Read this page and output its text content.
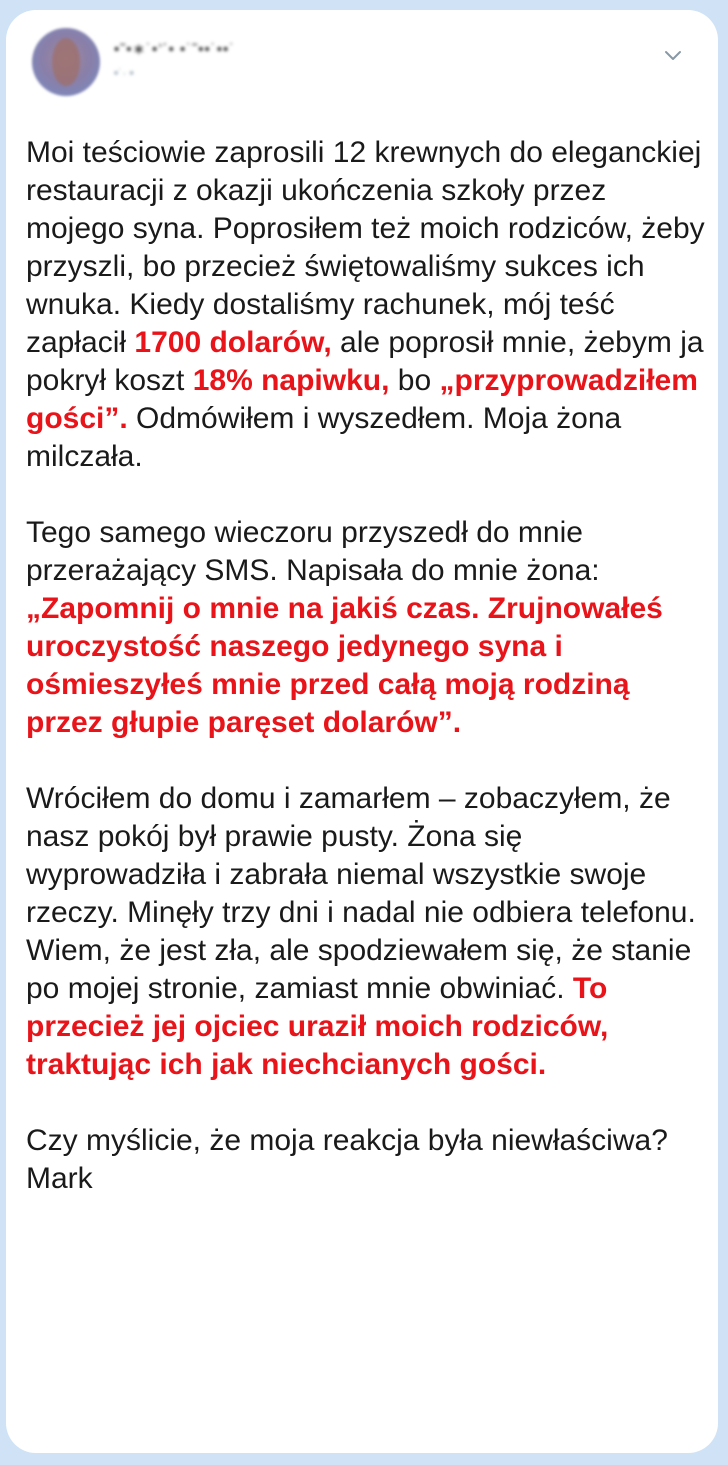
•˜•∗˙•’´• •˙˜••˙••˙
•˙· •

Moi teściowie zaprosili 12 krewnych do eleganckiej restauracji z okazji ukończenia szkoły przez mojego syna. Poprosiłem też moich rodziców, żeby przyszli, bo przecież świętowaliśmy sukces ich wnuka. Kiedy dostaliśmy rachunek, mój teść zapłacił 1700 dolarów, ale poprosił mnie, żebym ja pokrył koszt 18% napiwku, bo „przyprowadziłem gości”. Odmówiłem i wyszedłem. Moja żona milczała.

Tego samego wieczoru przyszedł do mnie przerażający SMS. Napisała do mnie żona: „Zapomnij o mnie na jakiś czas. Zrujnowałeś uroczystość naszego jedynego syna i ośmieszyłeś mnie przed całą moją rodziną przez głupie paręset dolarów”.

Wróciłem do domu i zamarłem – zobaczyłem, że nasz pokój był prawie pusty. Żona się wyprowadziła i zabrała niemal wszystkie swoje rzeczy. Minęły trzy dni i nadal nie odbiera telefonu. Wiem, że jest zła, ale spodziewałem się, że stanie po mojej stronie, zamiast mnie obwiniać. To przecież jej ojciec uraził moich rodziców, traktując ich jak niechcianych gości.

Czy myślicie, że moja reakcja była niewłaściwa?
Mark
